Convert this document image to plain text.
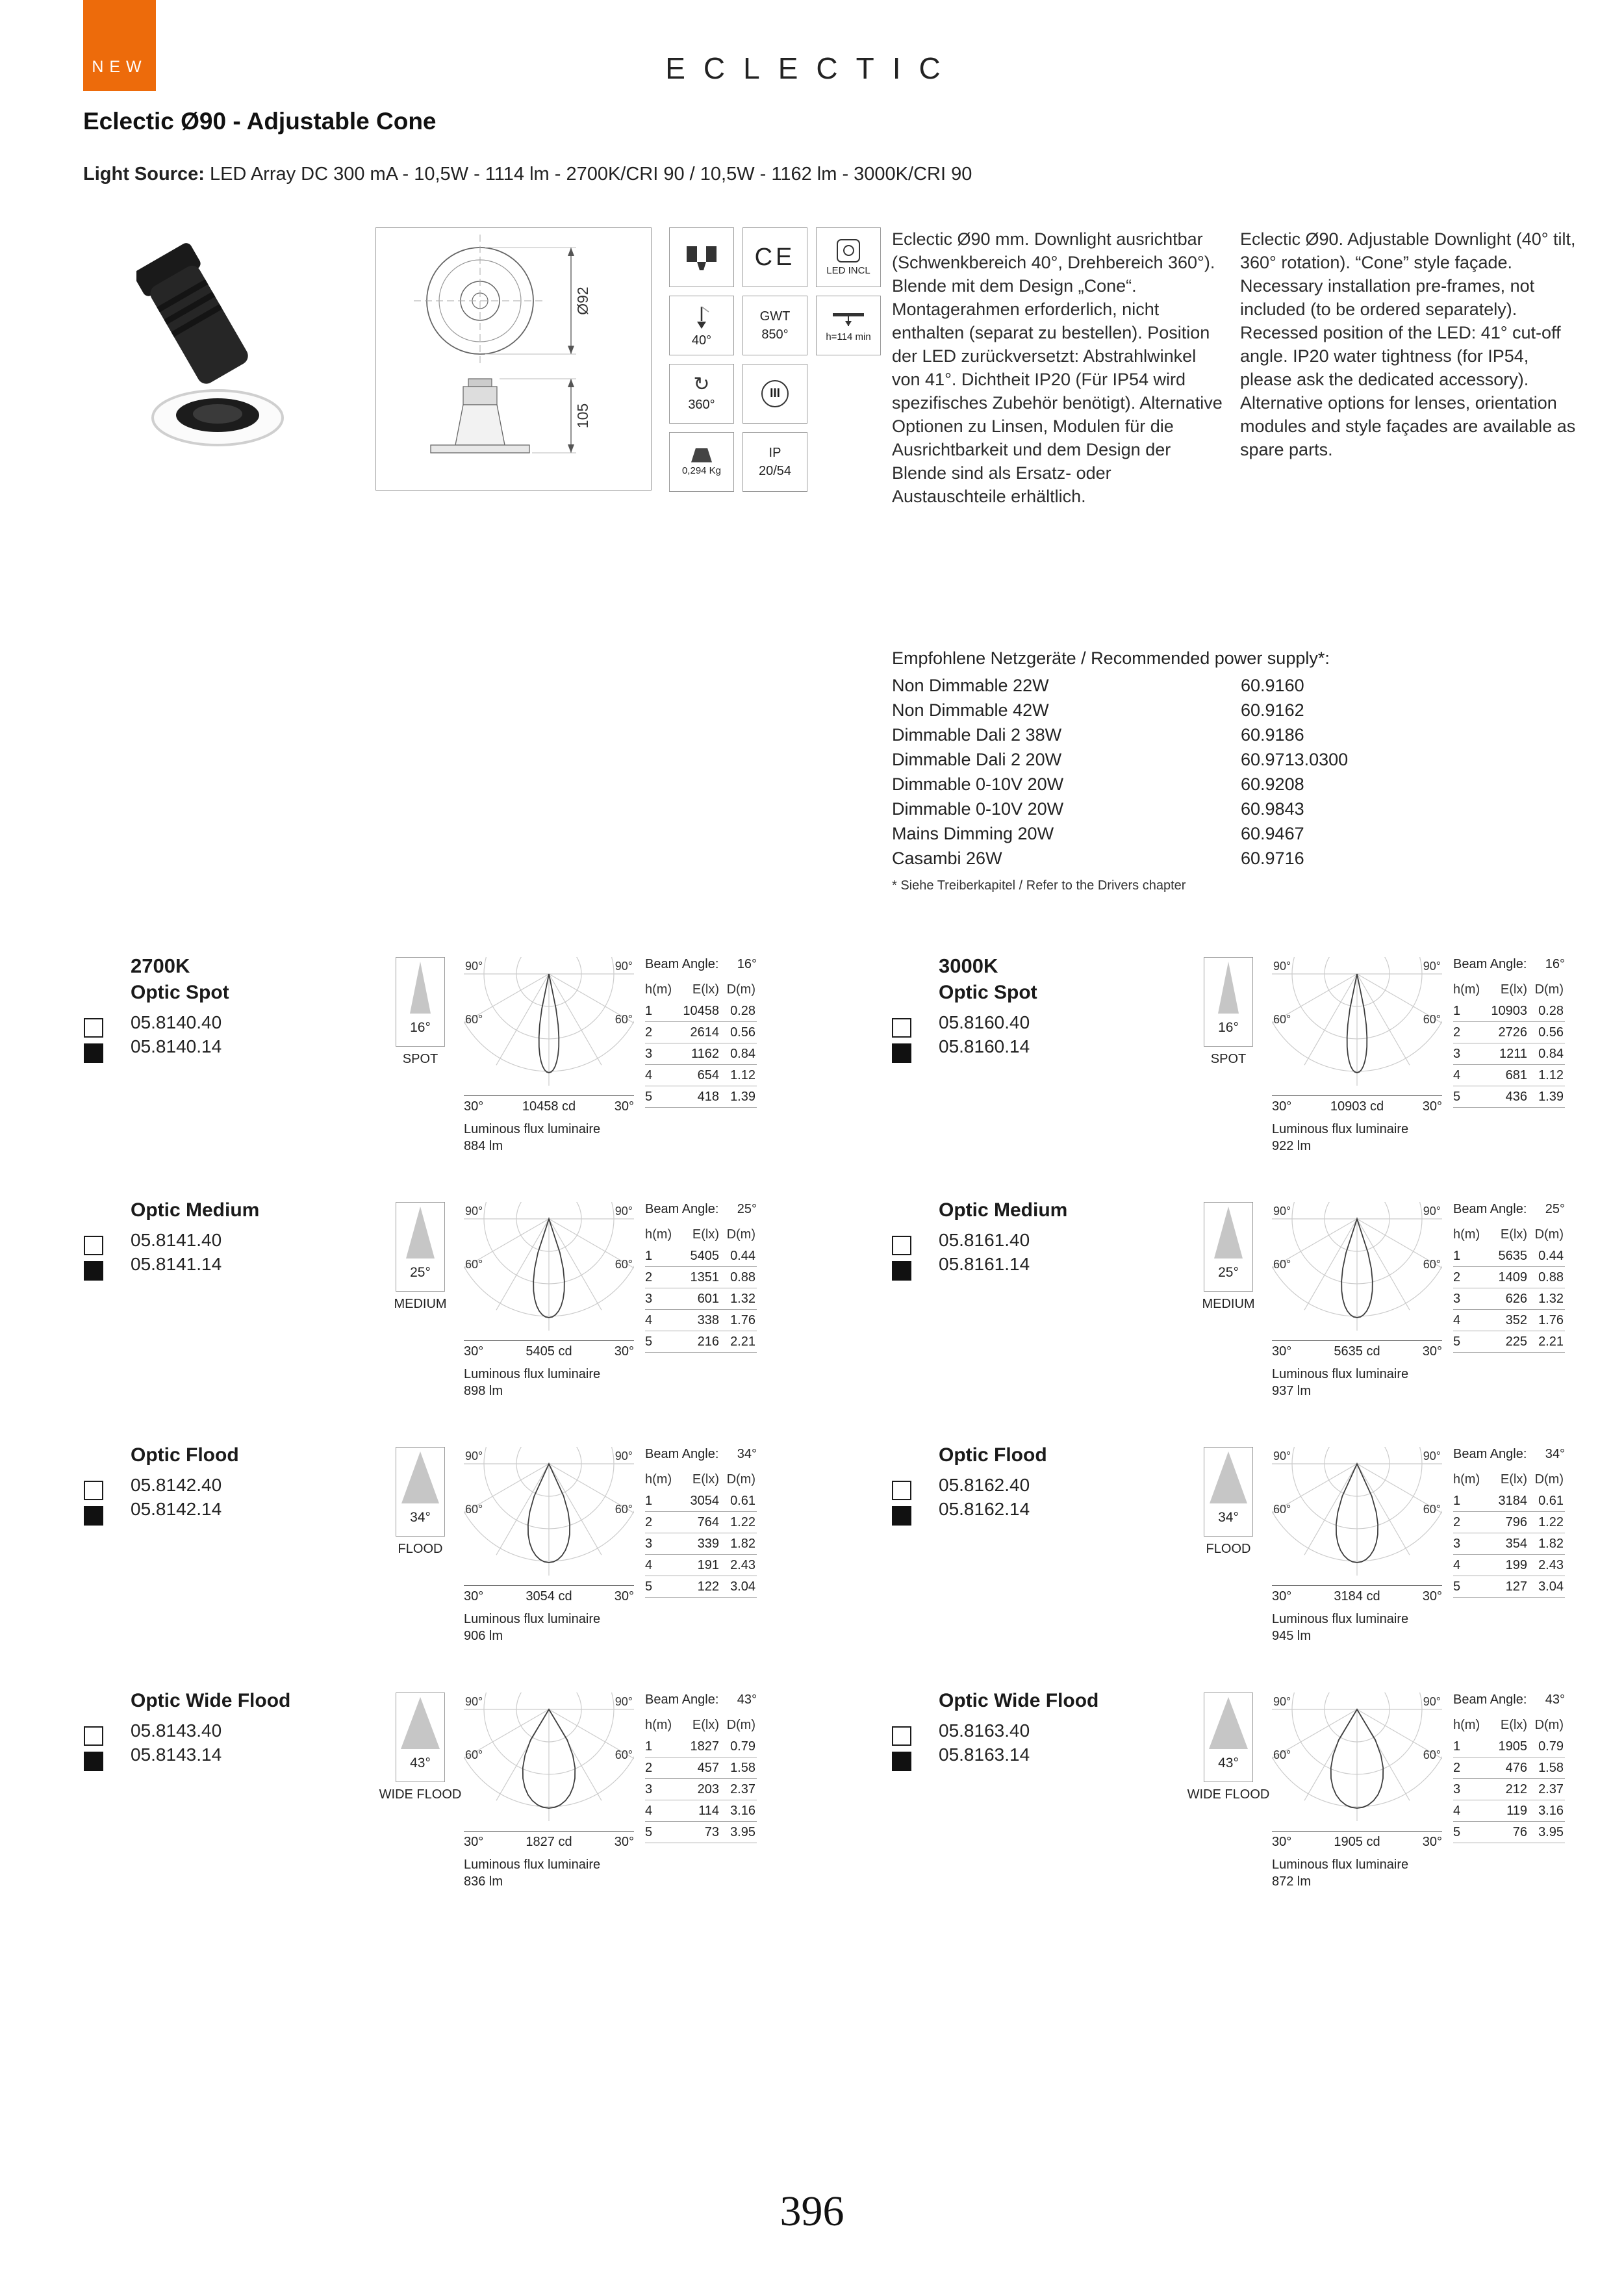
NEW	ECLECTIC
Eclectic Ø90 - Adjustable Cone
Light Source: LED Array DC 300 mA - 10,5W - 1114 lm - 2700K/CRI 90 / 10,5W - 1162 lm - 3000K/CRI 90
Ø92
105
CE	LED INCL
40°
GWT
850°	h=114 min
↻
360°
III
0,294 Kg
IP
20/54
Eclectic Ø90 mm. Downlight ausrichtbar (Schwenkbereich 40°, Drehbereich 360°). Blende mit dem Design „Cone“. Montagerahmen erforderlich, nicht enthalten (separat zu bestellen). Position der LED zurückversetzt: Abstrahlwinkel von 41°. Dichtheit IP20 (Für IP54 wird spezifisches Zubehör benötigt). Alternative Optionen zu Linsen, Modulen für die Ausrichtbarkeit und dem Design der Blende sind als Ersatz- oder Austauschteile erhältlich.
Eclectic Ø90. Adjustable Downlight (40° tilt, 360° rotation). “Cone” style façade. Necessary installation pre-frames, not included (to be ordered separately). Recessed position of the LED: 41° cut-off angle. IP20 water tightness (for IP54, please ask the dedicated accessory). Alternative options for lenses, orientation modules and style façades are available as spare parts.
Empfohlene Netzgeräte / Recommended power supply*:
Non Dimmable 22W	60.9160
Non Dimmable 42W	60.9162
Dimmable Dali 2 38W	60.9186
Dimmable Dali 2 20W	60.9713.0300
Dimmable 0-10V 20W	60.9208
Dimmable 0-10V 20W	60.9843
Mains Dimming 20W	60.9467
Casambi 26W	60.9716
* Siehe Treiberkapitel / Refer to the Drivers chapter
2700K
Optic Spot
05.8140.40
05.8140.14
16°
SPOT
90°	90°
60°	60°
30°	10458 cd	30°
Luminous flux luminaire
884 lm
Beam Angle: 16°
h(m)	E(lx) D(m)
1	10458 0.28
2	2614 0.56
3	1162 0.84
4	654 1.12
5	418 1.39
Optic Medium
05.8141.40
05.8141.14	25°
MEDIUM
90°	90°
60°	60°
30°	5405 cd	30°
Luminous flux luminaire
898 lm
Beam Angle: 25°
h(m)	E(lx) D(m)
1	5405 0.44
2	1351 0.88
3	601 1.32
4	338 1.76
5	216 2.21
Optic Flood
05.8142.40
05.8142.14	34°
FLOOD
90°	90°
60°	60°
30°	3054 cd	30°
Luminous flux luminaire
906 lm
Beam Angle: 34°
h(m)	E(lx) D(m)
1	3054 0.61
2	764 1.22
3	339 1.82
4	191 2.43
5	122 3.04
Optic Wide Flood
05.8143.40
05.8143.14	43°
WIDE FLOOD
90°	90°
60°	60°
30°	1827 cd	30°
Luminous flux luminaire
836 lm
Beam Angle: 43°
h(m)	E(lx) D(m)
1	1827 0.79
2	457 1.58
3	203 2.37
4	114 3.16
5	73 3.95
3000K
Optic Spot
05.8160.40
05.8160.14
16°
SPOT
90°	90°
60°	60°
30°	10903 cd	30°
Luminous flux luminaire
922 lm
Beam Angle: 16°
h(m)	E(lx) D(m)
1	10903 0.28
2	2726 0.56
3	1211 0.84
4	681 1.12
5	436 1.39
Optic Medium
05.8161.40
05.8161.14	25°
MEDIUM
90°	90°
60°	60°
30°	5635 cd	30°
Luminous flux luminaire
937 lm
Beam Angle: 25°
h(m)	E(lx) D(m)
1	5635 0.44
2	1409 0.88
3	626 1.32
4	352 1.76
5	225 2.21
Optic Flood
05.8162.40
05.8162.14	34°
FLOOD
90°	90°
60°	60°
30°	3184 cd	30°
Luminous flux luminaire
945 lm
Beam Angle: 34°
h(m)	E(lx) D(m)
1	3184 0.61
2	796 1.22
3	354 1.82
4	199 2.43
5	127 3.04
Optic Wide Flood
05.8163.40
05.8163.14	43°
WIDE FLOOD
90°	90°
60°	60°
30°	1905 cd	30°
Luminous flux luminaire
872 lm
Beam Angle: 43°
h(m)	E(lx) D(m)
1	1905 0.79
2	476 1.58
3	212 2.37
4	119 3.16
5	76 3.95
396
